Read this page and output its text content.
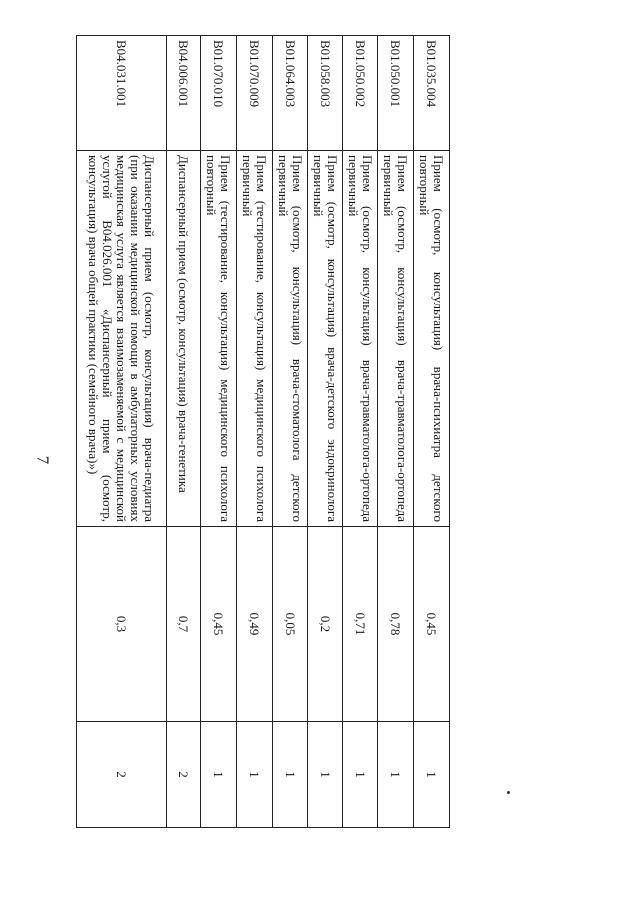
7
B01.035.004	Прием (осмотр, консультация) врача-психиатра детского повторный	0,45	1
B01.050.001	Прием (осмотр, консультация) врача-травматолога-ортопеда первичный	0,78	1
B01.050.002	Прием (осмотр, консультация) врача-травматолога-ортопеда первичный	0,71	1
B01.058.003	Прием (осмотр, консультация) врача-детского эндокринолога первичный	0,2	1
B01.064.003	Прием (осмотр, консультация) врача-стоматолога детского первичный	0,05	1
B01.070.009	Прием (тестирование, консультация) медицинского психолога первичный	0,49	1
B01.070.010	Прием (тестирование, консультация) медицинского психолога повторный	0,45	1
B04.006.001	Диспансерный прием (осмотр, консультация) врача-генетика	0,7	2
B04.031.001	Диспансерный прием (осмотр, консультация) врача-педиатра (при оказании медицинской помощи в амбулаторных условиях медицинская услуга является взаимозаменяемой с медицинской услугой B04.026.001 «Диспансерный прием (осмотр, консультация) врача общей практики (семейного врача)»)	0,3	2
